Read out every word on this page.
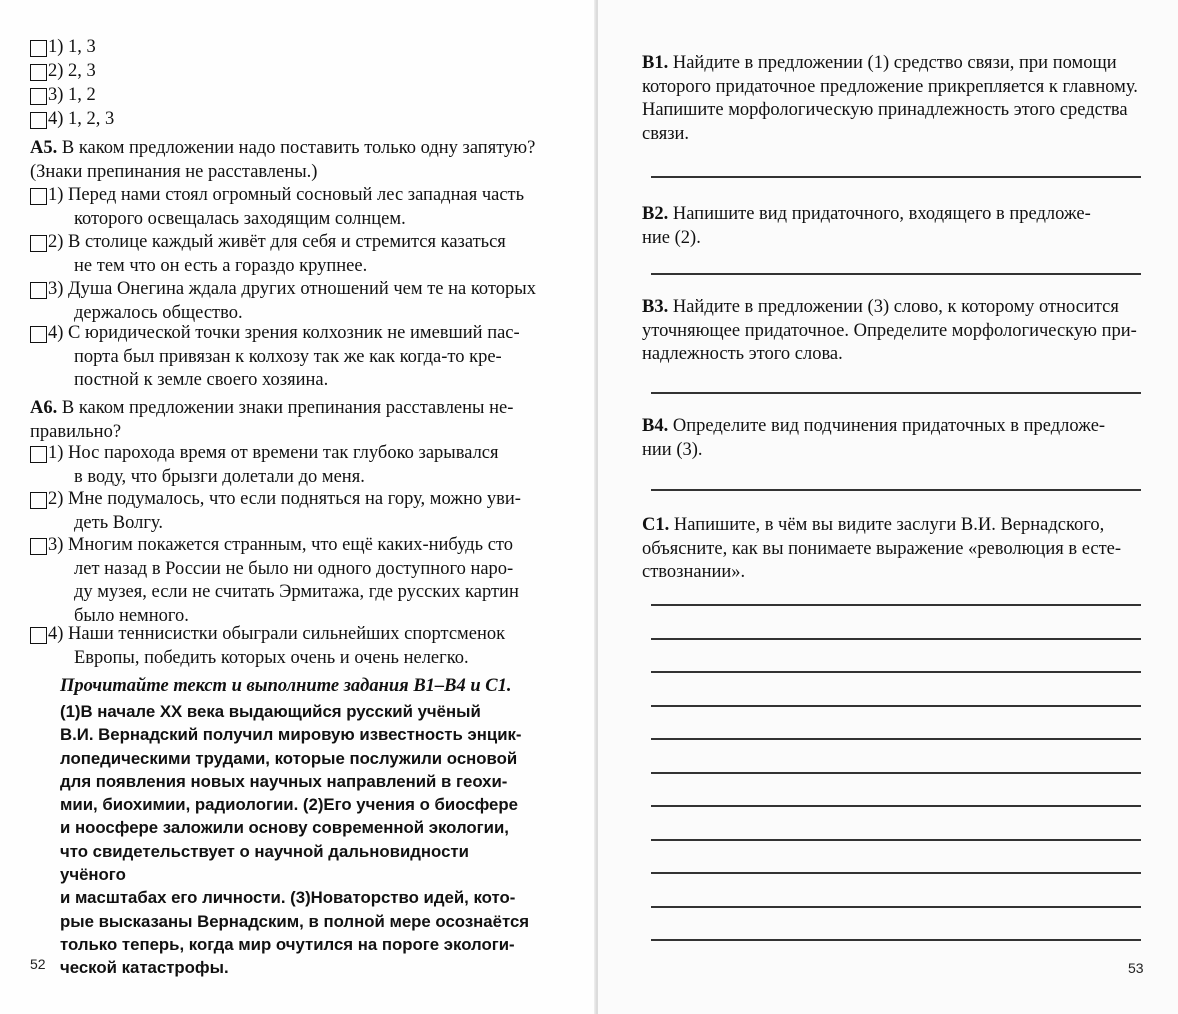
1) 1, 3
2) 2, 3
3) 1, 2
4) 1, 2, 3
А5. В каком предложении надо поставить только одну запятую?
(Знаки препинания не расставлены.)
1) Перед нами стоял огромный сосновый лес западная часть
которого освещалась заходящим солнцем.
2) В столице каждый живёт для себя и стремится казаться
не тем что он есть а гораздо крупнее.
3) Душа Онегина ждала других отношений чем те на которых
держалось общество.
4) С юридической точки зрения колхозник не имевший пас-
порта был привязан к колхозу так же как когда-то кре-
постной к земле своего хозяина.
А6. В каком предложении знаки препинания расставлены не-
правильно?
1) Нос парохода время от времени так глубоко зарывался
в воду, что брызги долетали до меня.
2) Мне подумалось, что если подняться на гору, можно уви-
деть Волгу.
3) Многим покажется странным, что ещё каких-нибудь сто
лет назад в России не было ни одного доступного наро-
ду музея, если не считать Эрмитажа, где русских картин
было немного.
4) Наши теннисистки обыграли сильнейших спортсменок
Европы, победить которых очень и очень нелегко.
Прочитайте текст и выполните задания В1–В4 и С1.
(1)В начале XX века выдающийся русский учёный
В.И. Вернадский получил мировую известность энцик-
лопедическими трудами, которые послужили основой
для появления новых научных направлений в геохи-
мии, биохимии, радиологии. (2)Его учения о биосфере
и ноосфере заложили основу современной экологии,
что свидетельствует о научной дальновидности учёного
и масштабах его личности. (3)Новаторство идей, кото-
рые высказаны Вернадским, в полной мере осознаётся
только теперь, когда мир очутился на пороге экологи-
ческой катастрофы.
52
В1. Найдите в предложении (1) средство связи, при помощи
которого придаточное предложение прикрепляется к главному.
Напишите морфологическую принадлежность этого средства
связи.
В2. Напишите вид придаточного, входящего в предложе-
ние (2).
В3. Найдите в предложении (3) слово, к которому относится
уточняющее придаточное. Определите морфологическую при-
надлежность этого слова.
В4. Определите вид подчинения придаточных в предложе-
нии (3).
С1. Напишите, в чём вы видите заслуги В.И. Вернадского,
объясните, как вы понимаете выражение «революция в есте-
ствознании».
53
